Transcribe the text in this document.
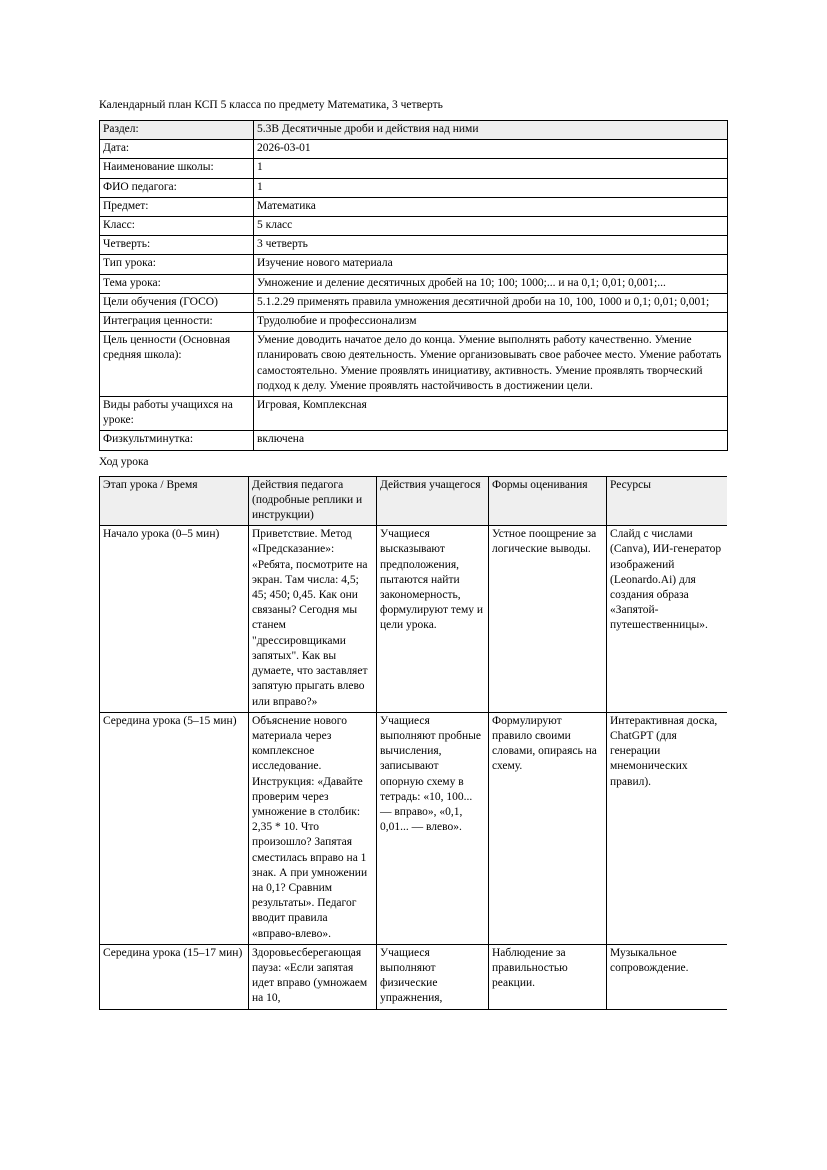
Календарный план КСП 5 класса по предмету Математика, 3 четверть
Раздел:	5.3B Десятичные дроби и действия над ними
Дата:	2026-03-01
Наименование школы:	1
ФИО педагога:	1
Предмет:	Математика
Класс:	5 класс
Четверть:	3 четверть
Тип урока:	Изучение нового материала
Тема урока:	Умножение и деление десятичных дробей на 10; 100; 1000;... и на 0,1; 0,01; 0,001;...
Цели обучения (ГОСО)	5.1.2.29 применять правила умножения десятичной дроби на 10, 100, 1000 и 0,1; 0,01; 0,001;
Интеграция ценности:	Трудолюбие и профессионализм
Цель ценности (Основная средняя школа):	Умение доводить начатое дело до конца. Умение выполнять работу качественно. Умение планировать свою деятельность. Умение организовывать свое рабочее место. Умение работать самостоятельно. Умение проявлять инициативу, активность. Умение проявлять творческий подход к делу. Умение проявлять настойчивость в достижении цели.
Виды работы учащихся на уроке:	Игровая, Комплексная
Физкультминутка:	включена
Ход урока
Этап урока / Время	Действия педагога (подробные реплики и инструкции)	Действия учащегося	Формы оценивания	Ресурсы
Начало урока (0–5 мин)	Приветствие. Метод «Предсказание»: «Ребята, посмотрите на экран. Там числа: 4,5; 45; 450; 0,45. Как они связаны? Сегодня мы станем "дрессировщиками запятых". Как вы думаете, что заставляет запятую прыгать влево или вправо?»	Учащиеся высказывают предположения, пытаются найти закономерность, формулируют тему и цели урока.	Устное поощрение за логические выводы.	Слайд с числами (Canva), ИИ-генератор изображений (Leonardo.Ai) для создания образа «Запятой-путешественницы».
Середина урока (5–15 мин)	Объяснение нового материала через комплексное исследование. Инструкция: «Давайте проверим через умножение в столбик: 2,35 * 10. Что произошло? Запятая сместилась вправо на 1 знак. А при умножении на 0,1? Сравним результаты». Педагог вводит правила «вправо-влево».	Учащиеся выполняют пробные вычисления, записывают опорную схему в тетрадь: «10, 100... — вправо», «0,1, 0,01... — влево».	Формулируют правило своими словами, опираясь на схему.	Интерактивная доска, ChatGPT (для генерации мнемонических правил).
Середина урока (15–17 мин)	Здоровьесберегающая пауза: «Если запятая идет вправо (умножаем на 10,	Учащиеся выполняют физические упражнения,	Наблюдение за правильностью реакции.	Музыкальное сопровождение.
